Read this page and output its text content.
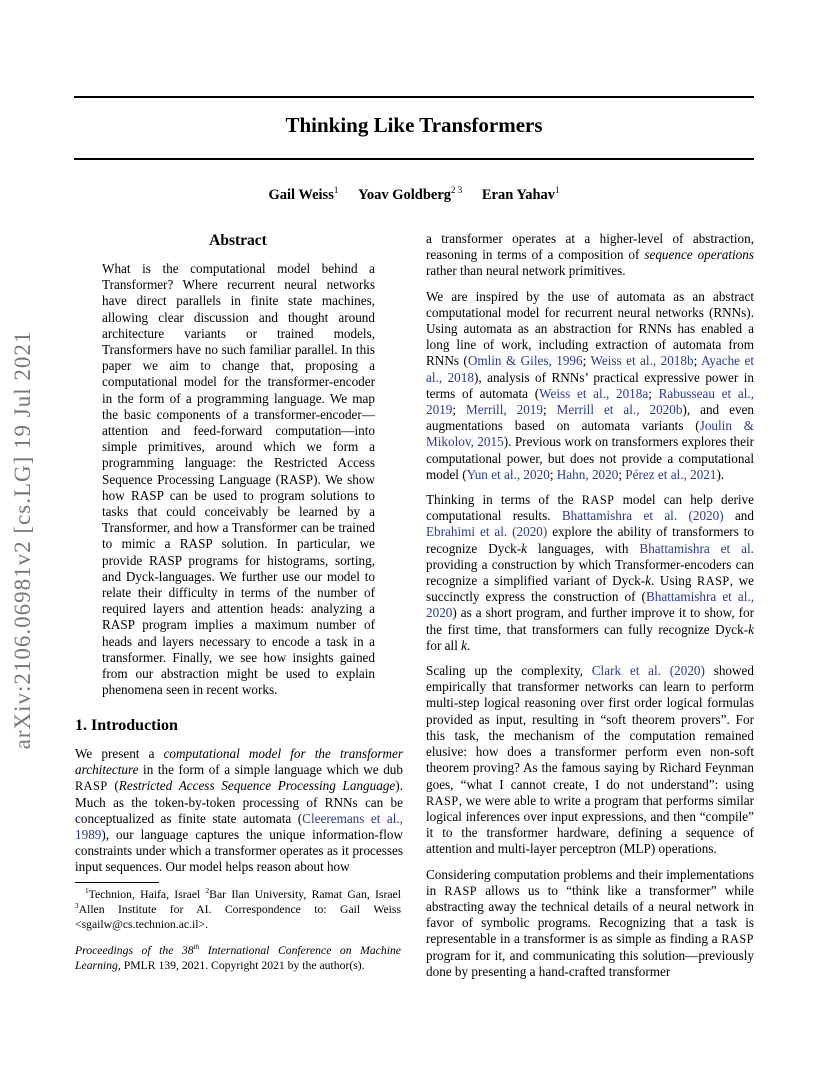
arXiv:2106.06981v2 [cs.LG] 19 Jul 2021
Thinking Like Transformers
Gail Weiss$^1$ Yoav Goldberg$^{2 3}$ Eran Yahav$^1$
Abstract

What is the computational model behind a Transformer? Where recurrent neural networks have direct parallels in finite state machines, allowing clear discussion and thought around architecture variants or trained models, Transformers have no such familiar parallel. In this paper we aim to change that, proposing a computational model for the transformer-encoder in the form of a programming language. We map the basic components of a transformer-encoder—attention and feed-forward computation—into simple primitives, around which we form a programming language: the Restricted Access Sequence Processing Language (RASP). We show how RASP can be used to program solutions to tasks that could conceivably be learned by a Transformer, and how a Transformer can be trained to mimic a RASP solution. In particular, we provide RASP programs for histograms, sorting, and Dyck-languages. We further use our model to relate their difficulty in terms of the number of required layers and attention heads: analyzing a RASP program implies a maximum number of heads and layers necessary to encode a task in a transformer. Finally, we see how insights gained from our abstraction might be used to explain phenomena seen in recent works.

1. Introduction

We present a computational model for the transformer architecture in the form of a simple language which we dub RASP (Restricted Access Sequence Processing Language). Much as the token-by-token processing of RNNs can be conceptualized as finite state automata (Cleeremans et al., 1989), our language captures the unique information-flow constraints under which a transformer operates as it processes input sequences. Our model helps reason about how

$^1$Technion, Haifa, Israel $^2$Bar Ilan University, Ramat Gan, Israel $^3$Allen Institute for AI. Correspondence to: Gail Weiss <sgailw@cs.technion.ac.il>.

Proceedings of the 38th International Conference on Machine Learning, PMLR 139, 2021. Copyright 2021 by the author(s).

a transformer operates at a higher-level of abstraction, reasoning in terms of a composition of sequence operations rather than neural network primitives.

We are inspired by the use of automata as an abstract computational model for recurrent neural networks (RNNs). Using automata as an abstraction for RNNs has enabled a long line of work, including extraction of automata from RNNs (Omlin & Giles, 1996; Weiss et al., 2018b; Ayache et al., 2018), analysis of RNNs’ practical expressive power in terms of automata (Weiss et al., 2018a; Rabusseau et al., 2019; Merrill, 2019; Merrill et al., 2020b), and even augmentations based on automata variants (Joulin & Mikolov, 2015). Previous work on transformers explores their computational power, but does not provide a computational model (Yun et al., 2020; Hahn, 2020; Pérez et al., 2021).

Thinking in terms of the RASP model can help derive computational results. Bhattamishra et al. (2020) and Ebrahimi et al. (2020) explore the ability of transformers to recognize Dyck-k languages, with Bhattamishra et al. providing a construction by which Transformer-encoders can recognize a simplified variant of Dyck-k. Using RASP, we succinctly express the construction of (Bhattamishra et al., 2020) as a short program, and further improve it to show, for the first time, that transformers can fully recognize Dyck-k for all k.

Scaling up the complexity, Clark et al. (2020) showed empirically that transformer networks can learn to perform multi-step logical reasoning over first order logical formulas provided as input, resulting in “soft theorem provers”. For this task, the mechanism of the computation remained elusive: how does a transformer perform even non-soft theorem proving? As the famous saying by Richard Feynman goes, “what I cannot create, I do not understand”: using RASP, we were able to write a program that performs similar logical inferences over input expressions, and then “compile” it to the transformer hardware, defining a sequence of attention and multi-layer perceptron (MLP) operations.

Considering computation problems and their implementations in RASP allows us to “think like a transformer” while abstracting away the technical details of a neural network in favor of symbolic programs. Recognizing that a task is representable in a transformer is as simple as finding a RASP program for it, and communicating this solution—previously done by presenting a hand-crafted transformer
